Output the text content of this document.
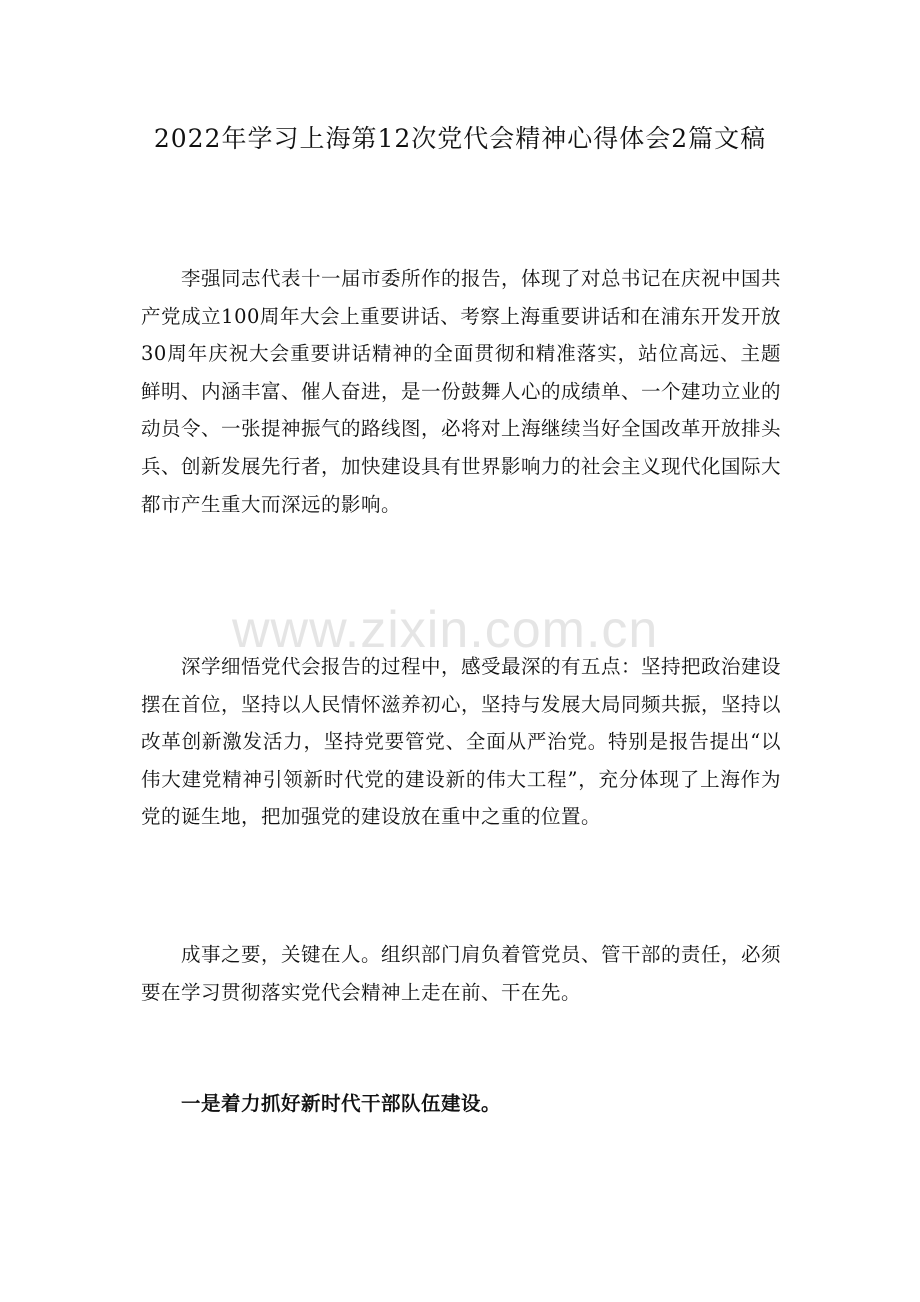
2022年学习上海第12次党代会精神心得体会2篇文稿

李强同志代表十一届市委所作的报告，体现了对总书记在庆祝中国共产党成立100周年大会上重要讲话、考察上海重要讲话和在浦东开发开放30周年庆祝大会重要讲话精神的全面贯彻和精准落实，站位高远、主题鲜明、内涵丰富、催人奋进，是一份鼓舞人心的成绩单、一个建功立业的动员令、一张提神振气的路线图，必将对上海继续当好全国改革开放排头兵、创新发展先行者，加快建设具有世界影响力的社会主义现代化国际大都市产生重大而深远的影响。

www.zixin.com.cn

深学细悟党代会报告的过程中，感受最深的有五点：坚持把政治建设摆在首位，坚持以人民情怀滋养初心，坚持与发展大局同频共振，坚持以改革创新激发活力，坚持党要管党、全面从严治党。特别是报告提出“以伟大建党精神引领新时代党的建设新的伟大工程”，充分体现了上海作为党的诞生地，把加强党的建设放在重中之重的位置。

成事之要，关键在人。组织部门肩负着管党员、管干部的责任，必须要在学习贯彻落实党代会精神上走在前、干在先。

一是着力抓好新时代干部队伍建设。
